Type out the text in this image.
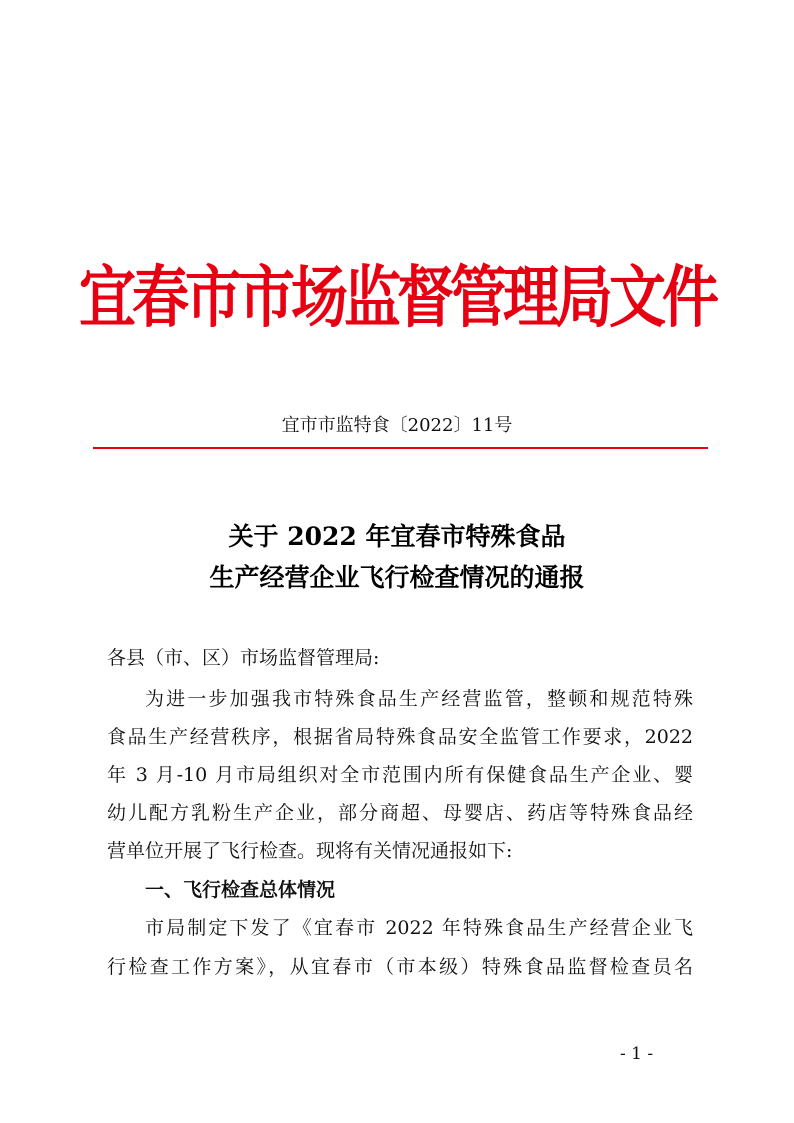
宜春市市场监督管理局文件
宜市市监特食〔2022〕11号
关于 2022 年宜春市特殊食品
生产经营企业飞行检查情况的通报
各县（市、区）市场监督管理局:
为进一步加强我市特殊食品生产经营监管，整顿和规范特殊
食品生产经营秩序，根据省局特殊食品安全监管工作要求，2022
年 3 月-10 月市局组织对全市范围内所有保健食品生产企业、婴
幼儿配方乳粉生产企业，部分商超、母婴店、药店等特殊食品经
营单位开展了飞行检查。现将有关情况通报如下:
一、飞行检查总体情况
市局制定下发了《宜春市 2022 年特殊食品生产经营企业飞
行检查工作方案》，从宜春市（市本级）特殊食品监督检查员名
- 1 -
